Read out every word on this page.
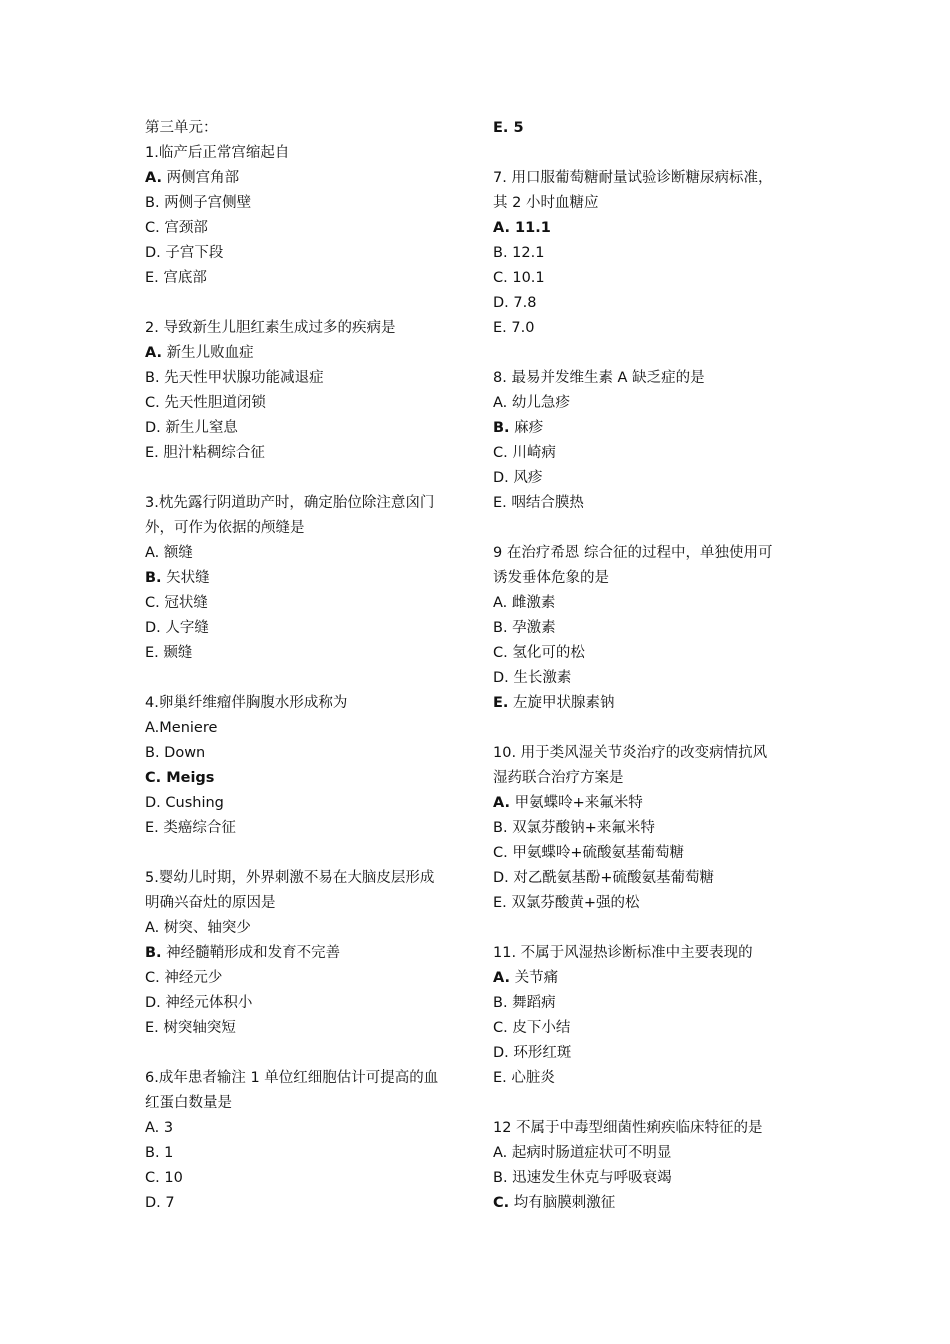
第三单元：
1.临产后正常宫缩起自
A. 两侧宫角部
B. 两侧子宫侧壁
C. 宫颈部
D. 子宫下段
E. 宫底部
2. 导致新生儿胆红素生成过多的疾病是
A. 新生儿败血症
B. 先天性甲状腺功能减退症
C. 先天性胆道闭锁
D. 新生儿窒息
E. 胆汁粘稠综合征
3.枕先露行阴道助产时，确定胎位除注意囟门
外，可作为依据的颅缝是
A. 额缝
B. 矢状缝
C. 冠状缝
D. 人字缝
E. 颞缝
4.卵巢纤维瘤伴胸腹水形成称为
A.Meniere
B. Down
C. Meigs
D. Cushing
E. 类癌综合征
5.婴幼儿时期，外界刺激不易在大脑皮层形成
明确兴奋灶的原因是
A. 树突、轴突少
B. 神经髓鞘形成和发育不完善
C. 神经元少
D. 神经元体积小
E. 树突轴突短
6.成年患者输注 1 单位红细胞估计可提高的血
红蛋白数量是
A. 3
B. 1
C. 10
D. 7
E. 5
7. 用口服葡萄糖耐量试验诊断糖尿病标准，
其 2 小时血糖应
A. 11.1
B. 12.1
C. 10.1
D. 7.8
E. 7.0
8. 最易并发维生素 A 缺乏症的是
A. 幼儿急疹
B. 麻疹
C. 川崎病
D. 风疹
E. 咽结合膜热
9 在治疗希恩 综合征的过程中，单独使用可
诱发垂体危象的是
A. 雌激素
B. 孕激素
C. 氢化可的松
D. 生长激素
E. 左旋甲状腺素钠
10. 用于类风湿关节炎治疗的改变病情抗风
湿药联合治疗方案是
A. 甲氨蝶呤+来氟米特
B. 双氯芬酸钠+来氟米特
C. 甲氨蝶呤+硫酸氨基葡萄糖
D. 对乙酰氨基酚+硫酸氨基葡萄糖
E. 双氯芬酸黄+强的松
11. 不属于风湿热诊断标准中主要表现的
A. 关节痛
B. 舞蹈病
C. 皮下小结
D. 环形红斑
E. 心脏炎
12 不属于中毒型细菌性痢疾临床特征的是
A. 起病时肠道症状可不明显
B. 迅速发生休克与呼吸衰竭
C. 均有脑膜刺激征
